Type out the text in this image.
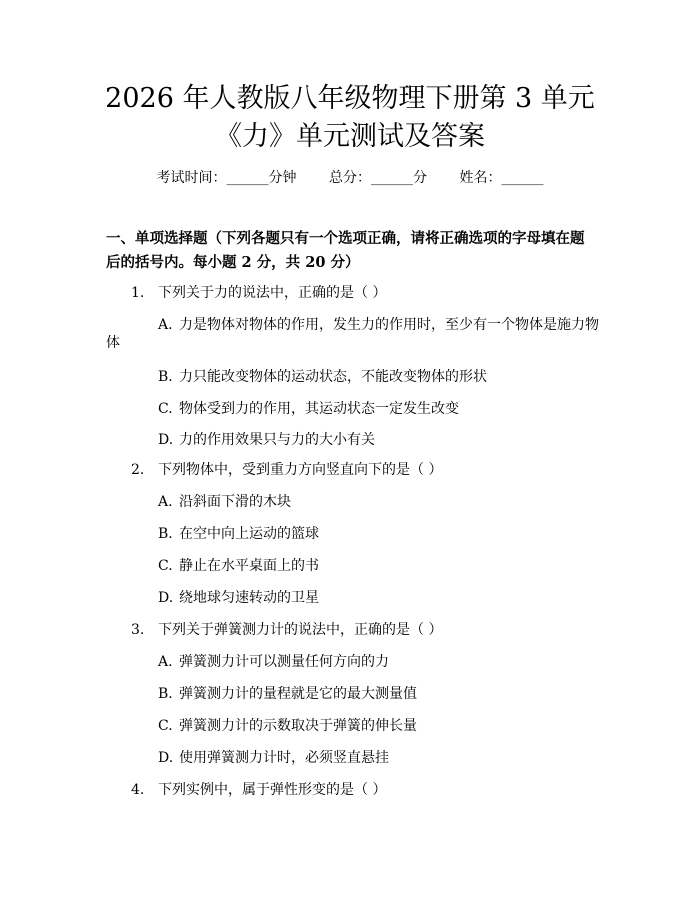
2026 年人教版八年级物理下册第 3 单元
《力》单元测试及答案
考试时间：______分钟 总分：______分 姓名：______
一、单项选择题（下列各题只有一个选项正确，请将正确选项的字母填在题后的括号内。每小题 2 分，共 20 分）
1. 下列关于力的说法中，正确的是（ ）
A. 力是物体对物体的作用，发生力的作用时，至少有一个物体是施力物
体
B. 力只能改变物体的运动状态，不能改变物体的形状
C. 物体受到力的作用，其运动状态一定发生改变
D. 力的作用效果只与力的大小有关
2. 下列物体中，受到重力方向竖直向下的是（ ）
A. 沿斜面下滑的木块
B. 在空中向上运动的篮球
C. 静止在水平桌面上的书
D. 绕地球匀速转动的卫星
3. 下列关于弹簧测力计的说法中，正确的是（ ）
A. 弹簧测力计可以测量任何方向的力
B. 弹簧测力计的量程就是它的最大测量值
C. 弹簧测力计的示数取决于弹簧的伸长量
D. 使用弹簧测力计时，必须竖直悬挂
4. 下列实例中，属于弹性形变的是（ ）
